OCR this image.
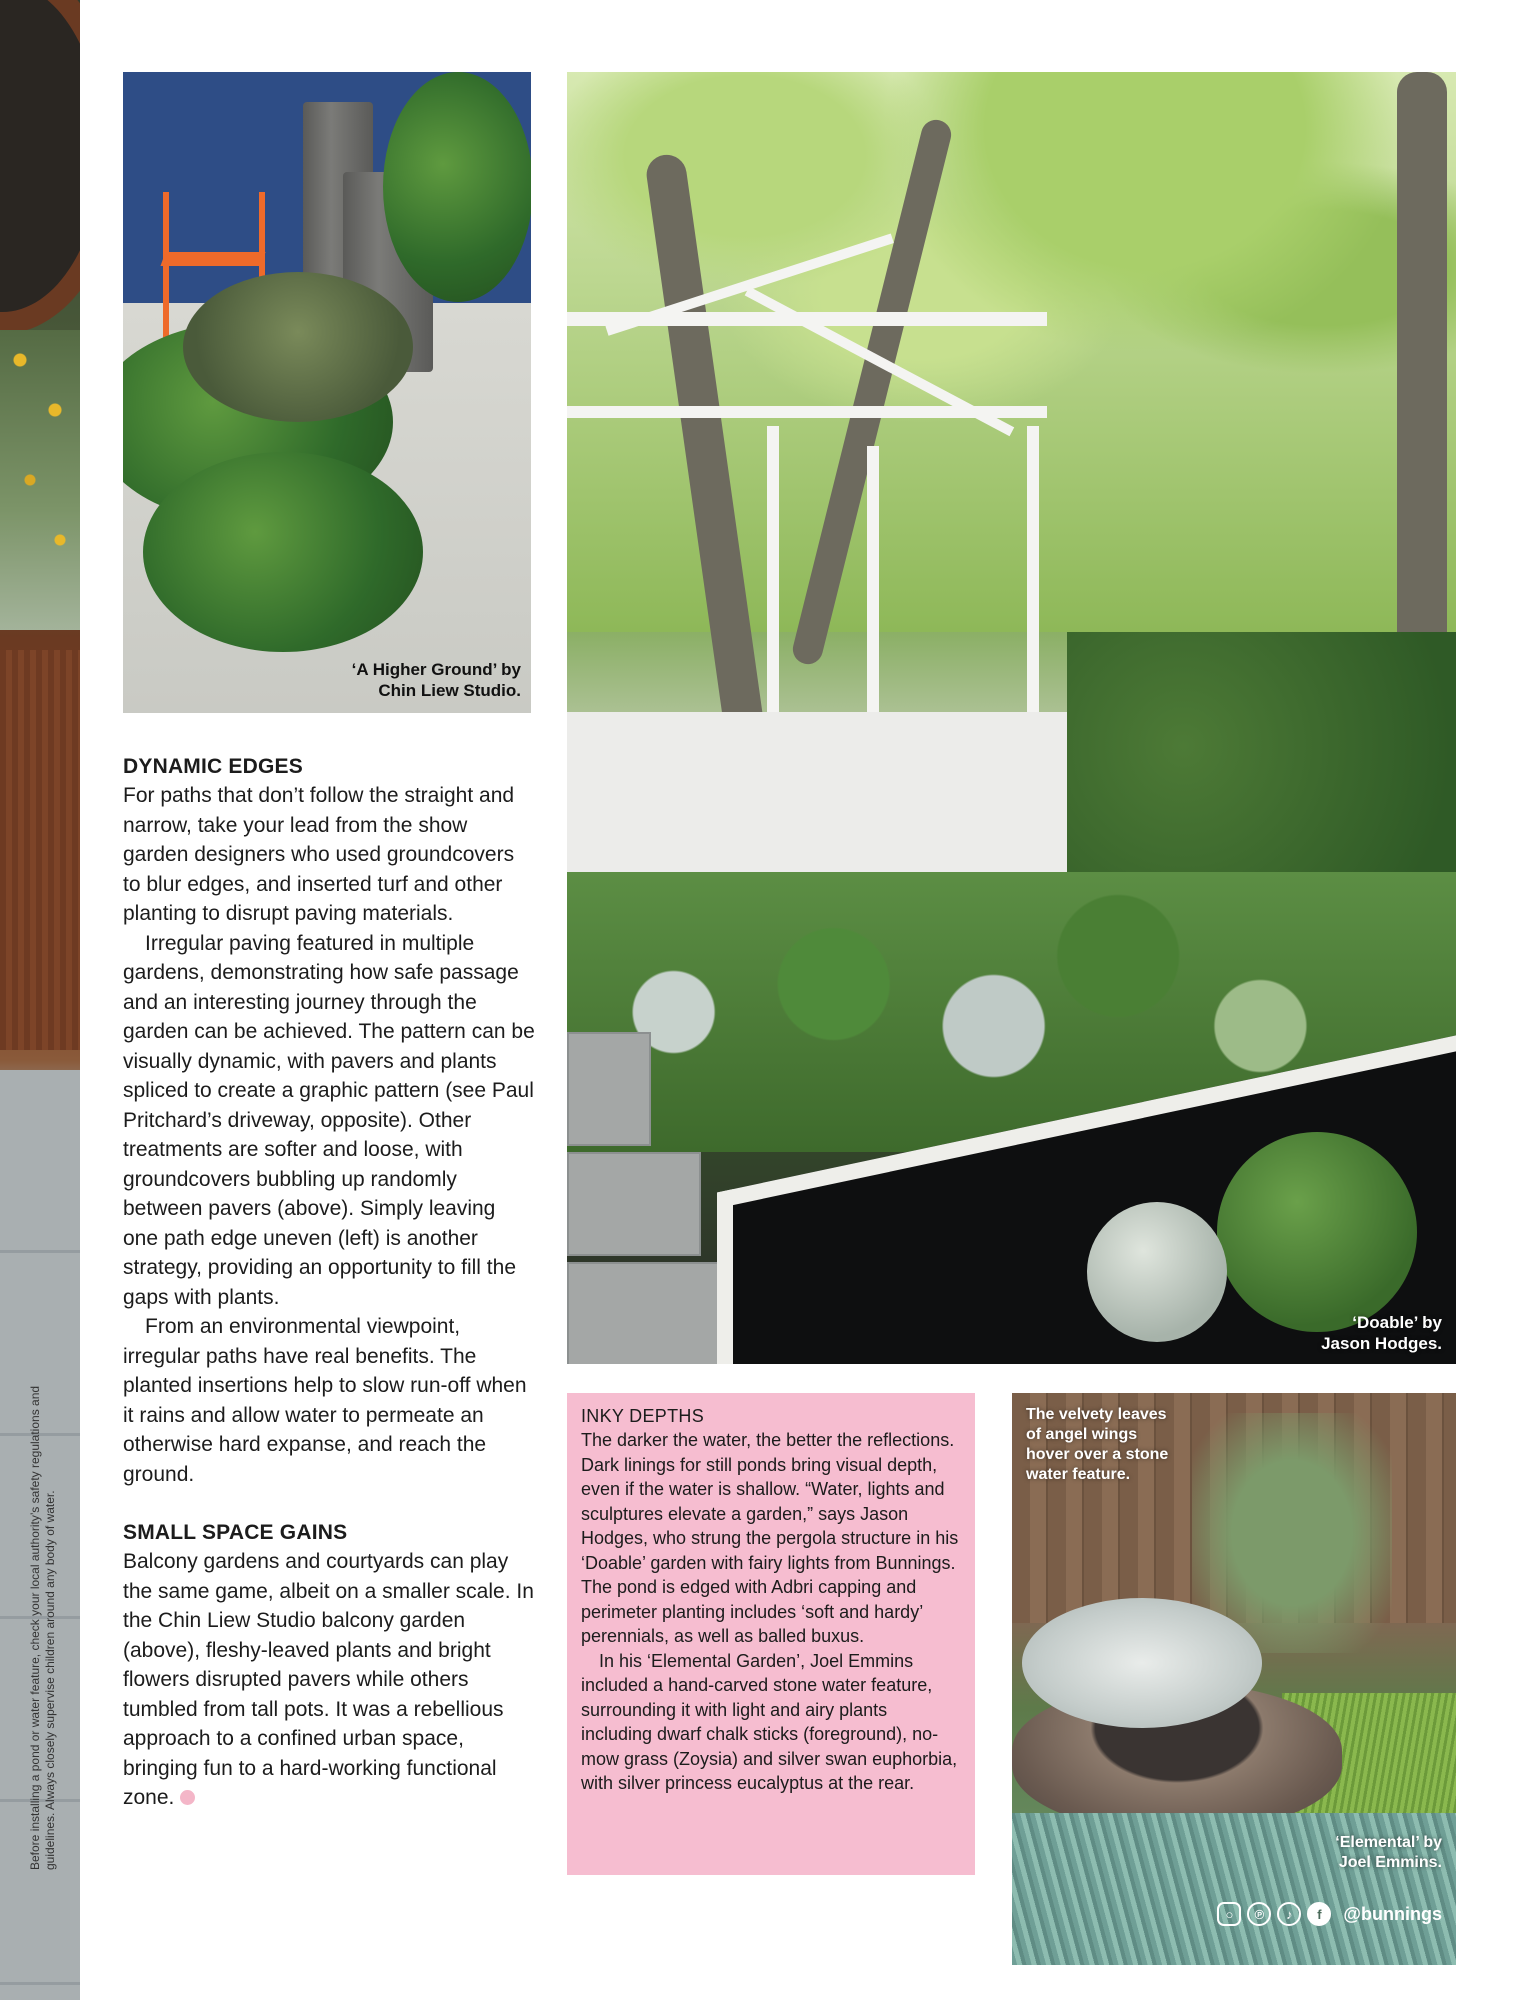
Before installing a pond or water feature, check your local authority’s safety regulations and guidelines. Always closely supervise children around any body of water.
‘A Higher Ground’ by
Chin Liew Studio.
‘Doable’ by
Jason Hodges.
DYNAMIC EDGES

For paths that don’t follow the straight and narrow, take your lead from the show garden designers who used groundcovers to blur edges, and inserted turf and other planting to disrupt paving materials.

Irregular paving featured in multiple gardens, demonstrating how safe passage and an interesting journey through the garden can be achieved. The pattern can be visually dynamic, with pavers and plants spliced to create a graphic pattern (see Paul Pritchard’s driveway, opposite). Other treatments are softer and loose, with groundcovers bubbling up randomly between pavers (above). Simply leaving one path edge uneven (left) is another strategy, providing an opportunity to fill the gaps with plants.

From an environmental viewpoint, irregular paths have real benefits. The planted insertions help to slow run-off when it rains and allow water to permeate an otherwise hard expanse, and reach the ground.

SMALL SPACE GAINS

Balcony gardens and courtyards can play the same game, albeit on a smaller scale. In the Chin Liew Studio balcony garden (above), fleshy-leaved plants and bright flowers disrupted pavers while others tumbled from tall pots. It was a rebellious approach to a confined urban space, bringing fun to a hard-working functional zone.

INKY DEPTHS

The darker the water, the better the reflections. Dark linings for still ponds bring visual depth, even if the water is shallow. “Water, lights and sculptures elevate a garden,” says Jason Hodges, who strung the pergola structure in his ‘Doable’ garden with fairy lights from Bunnings. The pond is edged with Adbri capping and perimeter planting includes ‘soft and hardy’ perennials, as well as balled buxus.

In his ‘Elemental Garden’, Joel Emmins included a hand-carved stone water feature, surrounding it with light and airy plants including dwarf chalk sticks (foreground), no-mow grass (Zoysia) and silver swan euphorbia, with silver princess eucalyptus at the rear.

The velvety leaves
of angel wings
hover over a stone
water feature.
‘Elemental’ by
Joel Emmins.
○	℗	♪	f	@bunnings 37
